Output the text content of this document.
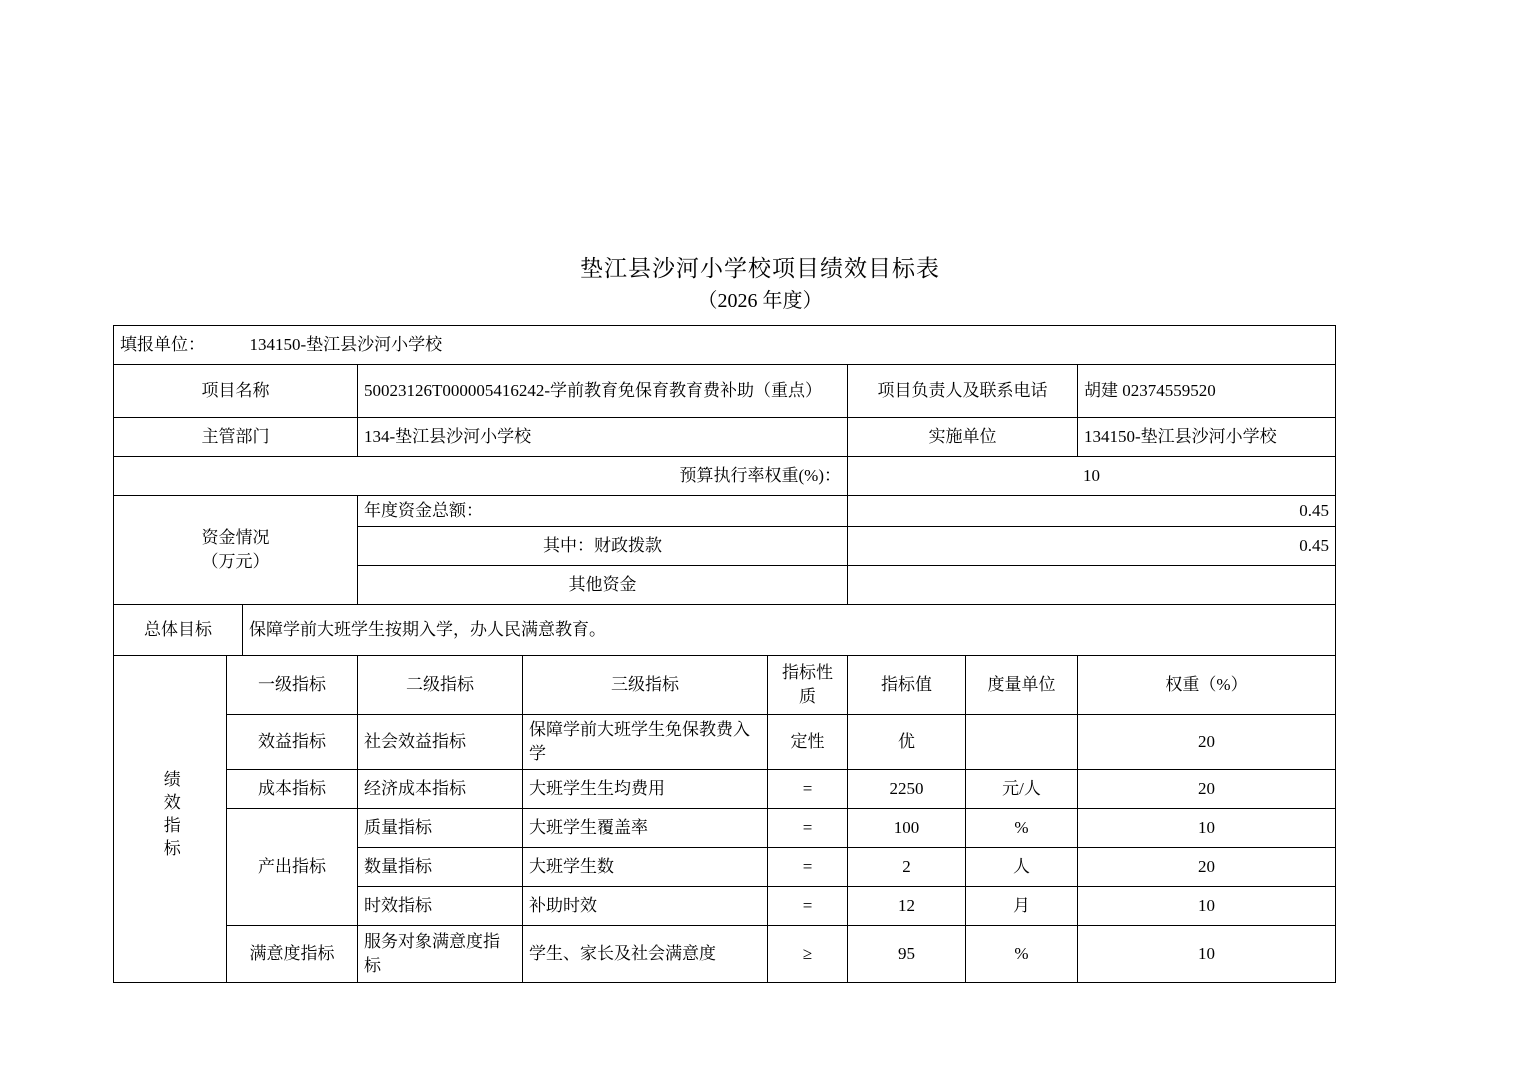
垫江县沙河小学校项目绩效目标表
（2026 年度）
填报单位： 134150-垫江县沙河小学校								
项目名称			50023126T000005416242-学前教育免保育教育费补助（重点）			项目负责人及联系电话		胡建 02374559520
主管部门			134-垫江县沙河小学校			实施单位		134150-垫江县沙河小学校
预算执行率权重(%)：						10		

资金情况
（万元）			年度资金总额：			0.45		
			其中：财政拨款			0.45		
			其他资金					
总体目标		保障学前大班学生按期入学，办人民满意教育。						
绩效指标	一级指标		二级指标	三级指标	指标性质	指标值	度量单位	权重（%）
	效益指标		社会效益指标	保障学前大班学生免保教费入学	定性	优		20
	成本指标		经济成本指标	大班学生生均费用	=	2250	元/人	20
	产出指标		质量指标	大班学生覆盖率	=	100	%	10
			数量指标	大班学生数	=	2	人	20
			时效指标	补助时效	=	12	月	10
	满意度指标		服务对象满意度指标	学生、家长及社会满意度	≥	95	%	10
